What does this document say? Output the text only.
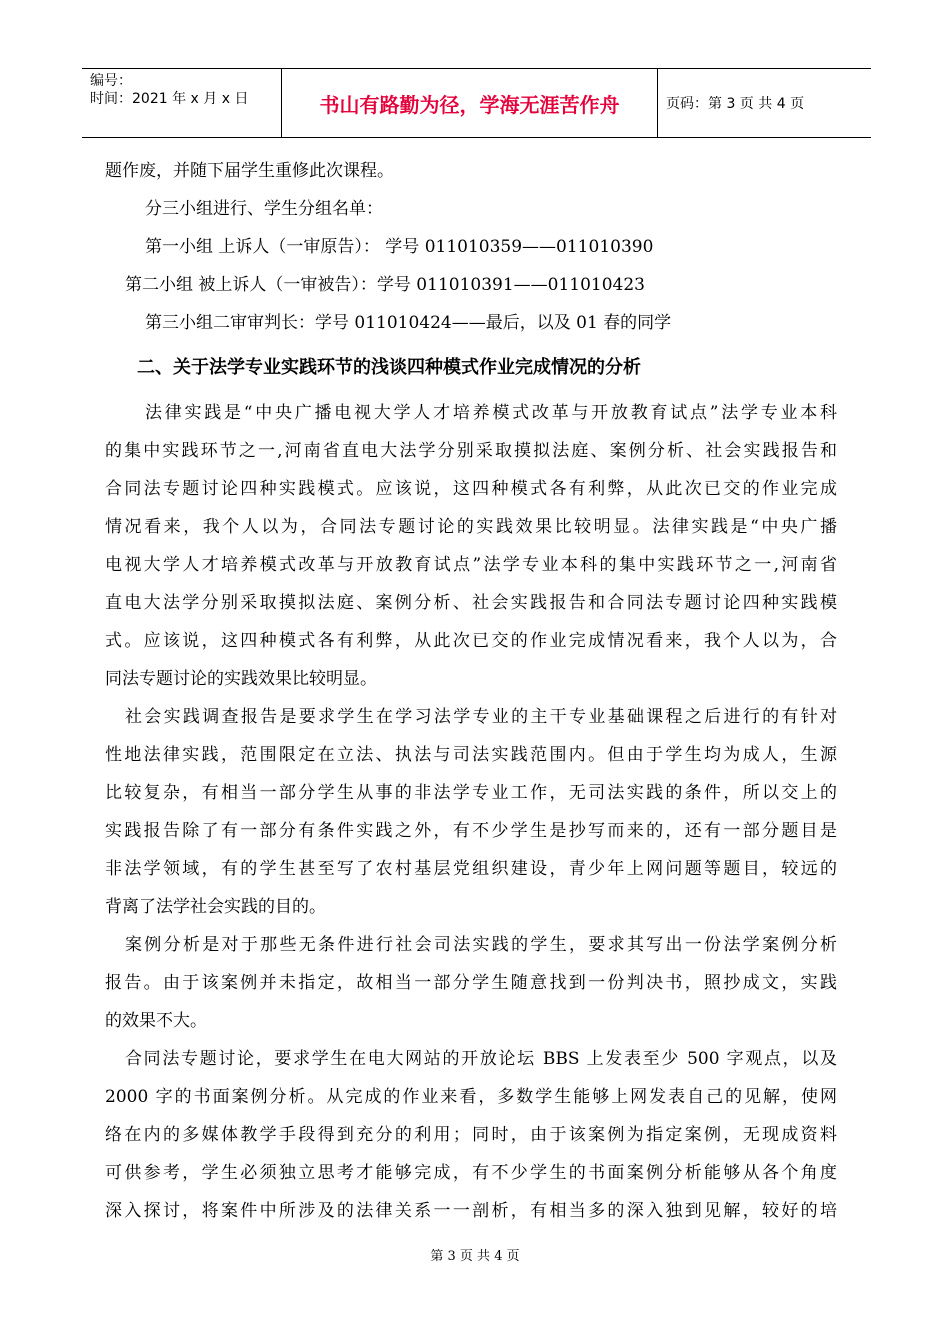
编号：
时间：2021 年 x 月 x 日	书山有路勤为径，学海无涯苦作舟	页码：第 3 页 共 4 页
题作废，并随下届学生重修此次课程。
分三小组进行、学生分组名单：
第一小组 上诉人（一审原告）： 学号 011010359——011010390
第二小组 被上诉人（一审被告）：学号 011010391——011010423
第三小组二审审判长：学号 011010424——最后，以及 01 春的同学
二、关于法学专业实践环节的浅谈四种模式作业完成情况的分析
法律实践是“中央广播电视大学人才培养模式改革与开放教育试点”法学专业本科
的集中实践环节之一,河南省直电大法学分别采取摸拟法庭、案例分析、社会实践报告和
合同法专题讨论四种实践模式。应该说，这四种模式各有利弊，从此次已交的作业完成
情况看来，我个人以为，合同法专题讨论的实践效果比较明显。法律实践是“中央广播
电视大学人才培养模式改革与开放教育试点”法学专业本科的集中实践环节之一,河南省
直电大法学分别采取摸拟法庭、案例分析、社会实践报告和合同法专题讨论四种实践模
式。应该说，这四种模式各有利弊，从此次已交的作业完成情况看来，我个人以为，合
同法专题讨论的实践效果比较明显。
社会实践调查报告是要求学生在学习法学专业的主干专业基础课程之后进行的有针对
性地法律实践，范围限定在立法、执法与司法实践范围内。但由于学生均为成人，生源
比较复杂，有相当一部分学生从事的非法学专业工作，无司法实践的条件，所以交上的
实践报告除了有一部分有条件实践之外，有不少学生是抄写而来的，还有一部分题目是
非法学领域，有的学生甚至写了农村基层党组织建设，青少年上网问题等题目，较远的
背离了法学社会实践的目的。
案例分析是对于那些无条件进行社会司法实践的学生，要求其写出一份法学案例分析
报告。由于该案例并未指定，故相当一部分学生随意找到一份判决书，照抄成文，实践
的效果不大。
合同法专题讨论，要求学生在电大网站的开放论坛 BBS 上发表至少 500 字观点，以及
2000 字的书面案例分析。从完成的作业来看，多数学生能够上网发表自己的见解，使网
络在内的多媒体教学手段得到充分的利用；同时，由于该案例为指定案例，无现成资料
可供参考，学生必须独立思考才能够完成，有不少学生的书面案例分析能够从各个角度
深入探讨，将案件中所涉及的法律关系一一剖析，有相当多的深入独到见解，较好的培
第 3 页 共 4 页
